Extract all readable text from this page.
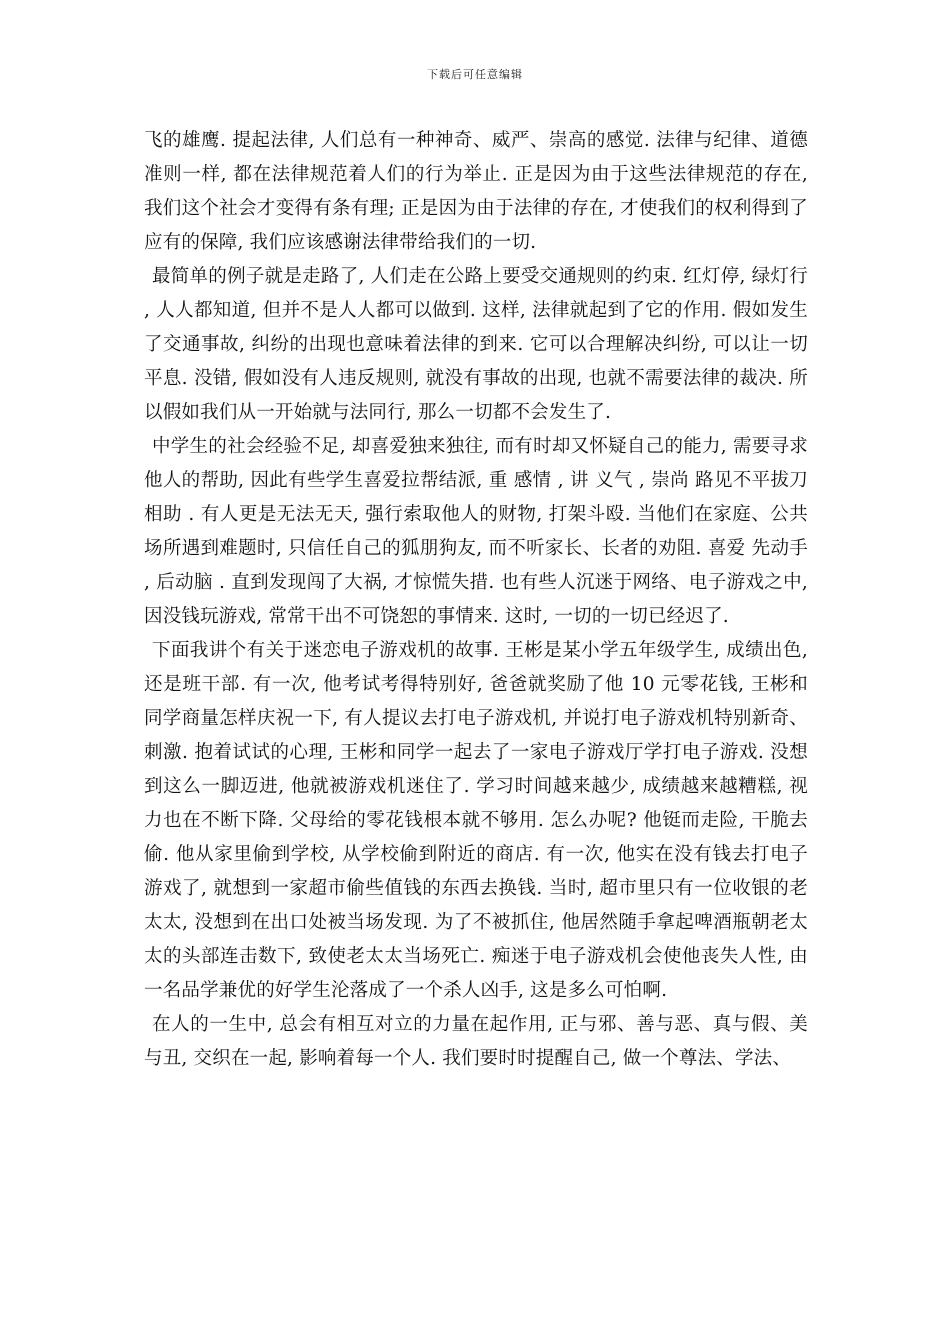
下载后可任意编辑

飞的雄鹰. 提起法律, 人们总有一种神奇、威严、崇高的感觉. 法律与纪律、道德准则一样, 都在法律规范着人们的行为举止. 正是因为由于这些法律规范的存在, 我们这个社会才变得有条有理; 正是因为由于法律的存在, 才使我们的权利得到了应有的保障, 我们应该感谢法律带给我们的一切.

最简单的例子就是走路了, 人们走在公路上要受交通规则的约束. 红灯停, 绿灯行 , 人人都知道, 但并不是人人都可以做到. 这样, 法律就起到了它的作用. 假如发生了交通事故, 纠纷的出现也意味着法律的到来. 它可以合理解决纠纷, 可以让一切平息. 没错, 假如没有人违反规则, 就没有事故的出现, 也就不需要法律的裁决. 所以假如我们从一开始就与法同行, 那么一切都不会发生了.

中学生的社会经验不足, 却喜爱独来独往, 而有时却又怀疑自己的能力, 需要寻求他人的帮助, 因此有些学生喜爱拉帮结派, 重 感情 , 讲 义气 , 崇尚 路见不平拔刀相助 . 有人更是无法无天, 强行索取他人的财物, 打架斗殴. 当他们在家庭、公共场所遇到难题时, 只信任自己的狐朋狗友, 而不听家长、长者的劝阻. 喜爱 先动手 , 后动脑 . 直到发现闯了大祸, 才惊慌失措. 也有些人沉迷于网络、电子游戏之中, 因没钱玩游戏, 常常干出不可饶恕的事情来. 这时, 一切的一切已经迟了.

下面我讲个有关于迷恋电子游戏机的故事. 王彬是某小学五年级学生, 成绩出色, 还是班干部. 有一次, 他考试考得特别好, 爸爸就奖励了他 10 元零花钱, 王彬和同学商量怎样庆祝一下, 有人提议去打电子游戏机, 并说打电子游戏机特别新奇、刺激. 抱着试试的心理, 王彬和同学一起去了一家电子游戏厅学打电子游戏. 没想到这么一脚迈进, 他就被游戏机迷住了. 学习时间越来越少, 成绩越来越糟糕, 视力也在不断下降. 父母给的零花钱根本就不够用. 怎么办呢? 他铤而走险, 干脆去偷. 他从家里偷到学校, 从学校偷到附近的商店. 有一次, 他实在没有钱去打电子游戏了, 就想到一家超市偷些值钱的东西去换钱. 当时, 超市里只有一位收银的老太太, 没想到在出口处被当场发现. 为了不被抓住, 他居然随手拿起啤酒瓶朝老太太的头部连击数下, 致使老太太当场死亡. 痴迷于电子游戏机会使他丧失人性, 由一名品学兼优的好学生沦落成了一个杀人凶手, 这是多么可怕啊.

在人的一生中, 总会有相互对立的力量在起作用, 正与邪、善与恶、真与假、美与丑, 交织在一起, 影响着每一个人. 我们要时时提醒自己, 做一个尊法、学法、
